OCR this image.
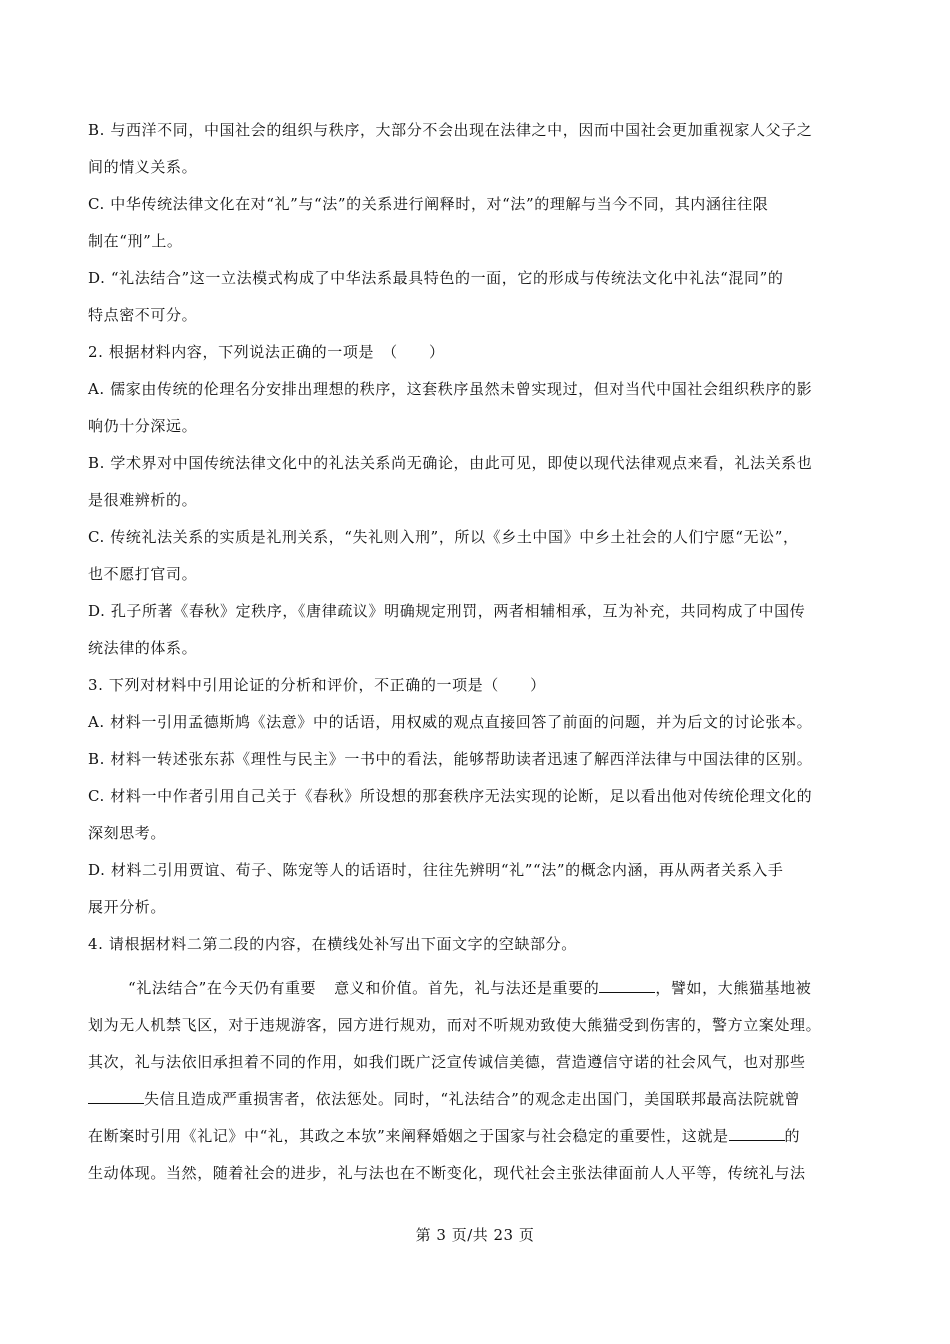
B. 与西洋不同，中国社会的组织与秩序，大部分不会出现在法律之中，因而中国社会更加重视家人父子之
间的情义关系。
C. 中华传统法律文化在对“礼”与“法”的关系进行阐释时，对“法”的理解与当今不同，其内涵往往限
制在“刑”上。
D. “礼法结合”这一立法模式构成了中华法系最具特色的一面，它的形成与传统法文化中礼法“混同”的
特点密不可分。
2. 根据材料内容，下列说法正确的一项是　（　　）
A. 儒家由传统的伦理名分安排出理想的秩序，这套秩序虽然未曾实现过，但对当代中国社会组织秩序的影
响仍十分深远。
B. 学术界对中国传统法律文化中的礼法关系尚无确论，由此可见，即使以现代法律观点来看，礼法关系也
是很难辨析的。
C. 传统礼法关系的实质是礼刑关系，“失礼则入刑”，所以《乡土中国》中乡土社会的人们宁愿“无讼”，
也不愿打官司。
D. 孔子所著《春秋》定秩序，《唐律疏议》明确规定刑罚，两者相辅相承，互为补充，共同构成了中国传
统法律的体系。
3. 下列对材料中引用论证的分析和评价，不正确的一项是（　　）
A. 材料一引用孟德斯鸠《法意》中的话语，用权威的观点直接回答了前面的问题，并为后文的讨论张本。
B. 材料一转述张东荪《理性与民主》一书中的看法，能够帮助读者迅速了解西洋法律与中国法律的区别。
C. 材料一中作者引用自己关于《春秋》所设想的那套秩序无法实现的论断，足以看出他对传统伦理文化的
深刻思考。
D. 材料二引用贾谊、荀子、陈宠等人的话语时，往往先辨明“礼”“法”的概念内涵，再从两者关系入手
展开分析。
4. 请根据材料二第二段的内容，在横线处补写出下面文字的空缺部分。
“礼法结合”在今天仍有重要 意义和价值。首先，礼与法还是重要的	，譬如，大熊猫基地被
划为无人机禁飞区，对于违规游客，园方进行规劝，而对不听规劝致使大熊猫受到伤害的，警方立案处理。
其次，礼与法依旧承担着不同的作用，如我们既广泛宣传诚信美德，营造遵信守诺的社会风气，也对那些
失信且造成严重损害者，依法惩处。同时，“礼法结合”的观念走出国门，美国联邦最高法院就曾
在断案时引用《礼记》中“礼，其政之本欤”来阐释婚姻之于国家与社会稳定的重要性，这就是	的
生动体现。当然，随着社会的进步，礼与法也在不断变化，现代社会主张法律面前人人平等，传统礼与法
第 3 页/共 23 页
